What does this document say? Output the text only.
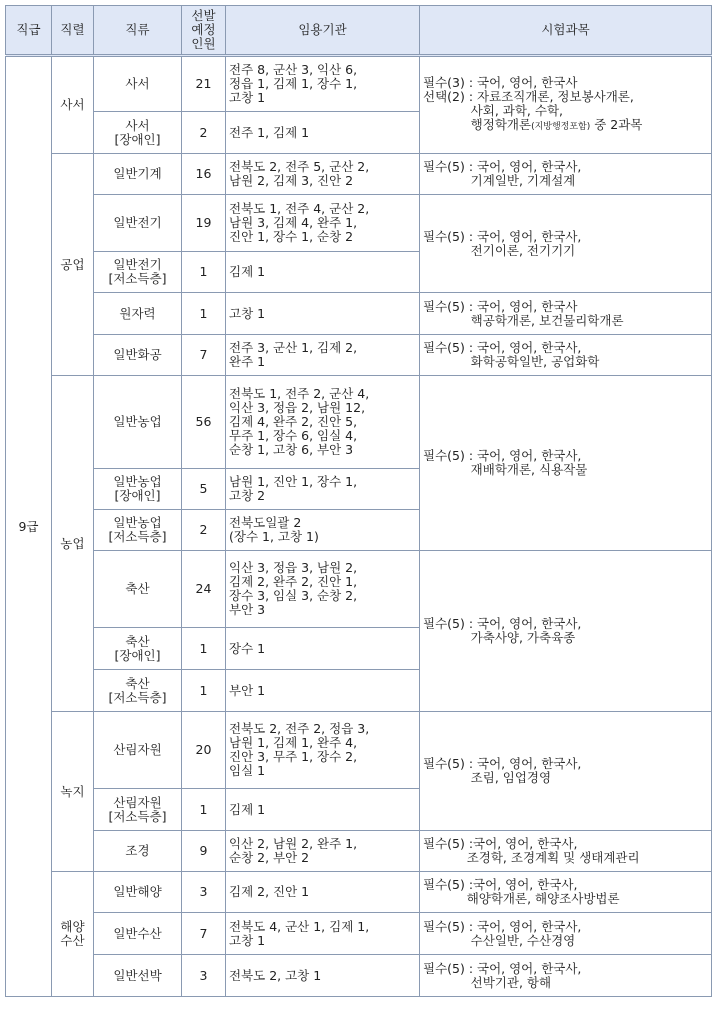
직급	직렬	직류	선발
예정
인원	임용기관	시험과목
9급	사서	사서	21	전주 8, 군산 3, 익산 6,
정읍 1, 김제 1, 장수 1,
고창 1	필수(3) : 국어, 영어, 한국사
선택(2) : 자료조직개론, 정보봉사개론,
사회, 과학, 수학,
행정학개론(지방행정포함) 중 2과목
		사서
[장애인]	2	전주 1, 김제 1	
	공업	일반기계	16	전북도 2, 전주 5, 군산 2,
남원 2, 김제 3, 진안 2	필수(5) : 국어, 영어, 한국사,
기계일반, 기계설계
		일반전기	19	전북도 1, 전주 4, 군산 2,
남원 3, 김제 4, 완주 1,
진안 1, 장수 1, 순창 2	필수(5) : 국어, 영어, 한국사,
전기이론, 전기기기
		일반전기
[저소득층]	1	김제 1	
		원자력	1	고창 1	필수(5) : 국어, 영어, 한국사
핵공학개론, 보건물리학개론
		일반화공	7	전주 3, 군산 1, 김제 2,
완주 1	필수(5) : 국어, 영어, 한국사,
화학공학일반, 공업화학
	농업	일반농업	56	전북도 1, 전주 2, 군산 4,
익산 3, 정읍 2, 남원 12,
김제 4, 완주 2, 진안 5,
무주 1, 장수 6, 임실 4,
순창 1, 고창 6, 부안 3	필수(5) : 국어, 영어, 한국사,
재배학개론, 식용작물
		일반농업
[장애인]	5	남원 1, 진안 1, 장수 1,
고창 2	
		일반농업
[저소득층]	2	전북도일괄 2
(장수 1, 고창 1)	
		축산	24	익산 3, 정읍 3, 남원 2,
김제 2, 완주 2, 진안 1,
장수 3, 임실 3, 순창 2,
부안 3	필수(5) : 국어, 영어, 한국사,
가축사양, 가축육종
		축산
[장애인]	1	장수 1	
		축산
[저소득층]	1	부안 1	
	녹지	산림자원	20	전북도 2, 전주 2, 정읍 3,
남원 1, 김제 1, 완주 4,
진안 3, 무주 1, 장수 2,
임실 1	필수(5) : 국어, 영어, 한국사,
조림, 임업경영
		산림자원
[저소득층]	1	김제 1	
		조경	9	익산 2, 남원 2, 완주 1,
순창 2, 부안 2	필수(5) :국어, 영어, 한국사,
조경학, 조경계획 및 생태계관리
	해양
수산	일반해양	3	김제 2, 진안 1	필수(5) :국어, 영어, 한국사,
해양학개론, 해양조사방법론
		일반수산	7	전북도 4, 군산 1, 김제 1,
고창 1	필수(5) : 국어, 영어, 한국사,
수산일반, 수산경영
		일반선박	3	전북도 2, 고창 1	필수(5) : 국어, 영어, 한국사,
선박기관, 항해
